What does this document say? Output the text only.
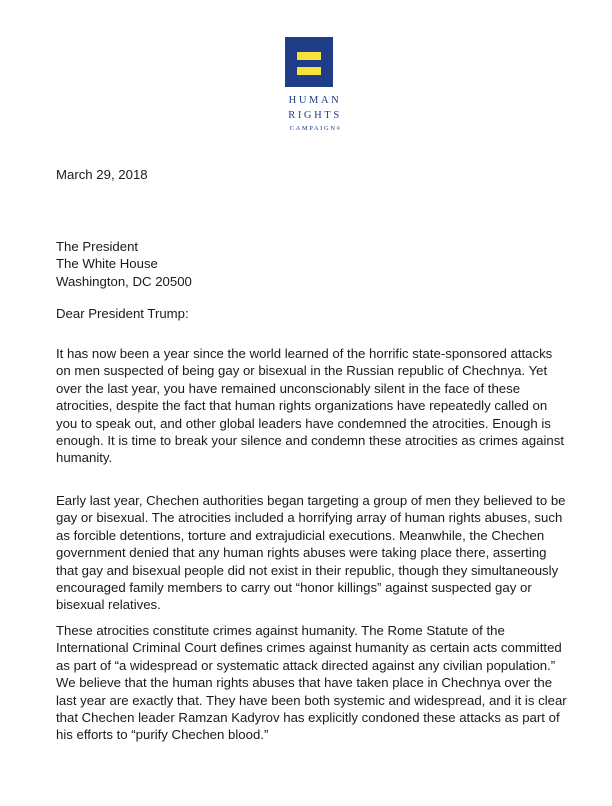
HUMAN
RIGHTS
CAMPAIGN®
March 29, 2018
The President
The White House
Washington, DC 20500
Dear President Trump:
It has now been a year since the world learned of the horrific state-sponsored attacks
on men suspected of being gay or bisexual in the Russian republic of Chechnya. Yet
over the last year, you have remained unconscionably silent in the face of these
atrocities, despite the fact that human rights organizations have repeatedly called on
you to speak out, and other global leaders have condemned the atrocities. Enough is
enough. It is time to break your silence and condemn these atrocities as crimes against
humanity.
Early last year, Chechen authorities began targeting a group of men they believed to be
gay or bisexual. The atrocities included a horrifying array of human rights abuses, such
as forcible detentions, torture and extrajudicial executions. Meanwhile, the Chechen
government denied that any human rights abuses were taking place there, asserting
that gay and bisexual people did not exist in their republic, though they simultaneously
encouraged family members to carry out “honor killings” against suspected gay or
bisexual relatives.
These atrocities constitute crimes against humanity. The Rome Statute of the
International Criminal Court defines crimes against humanity as certain acts committed
as part of “a widespread or systematic attack directed against any civilian population.”
We believe that the human rights abuses that have taken place in Chechnya over the
last year are exactly that. They have been both systemic and widespread, and it is clear
that Chechen leader Ramzan Kadyrov has explicitly condoned these attacks as part of
his efforts to “purify Chechen blood.”
